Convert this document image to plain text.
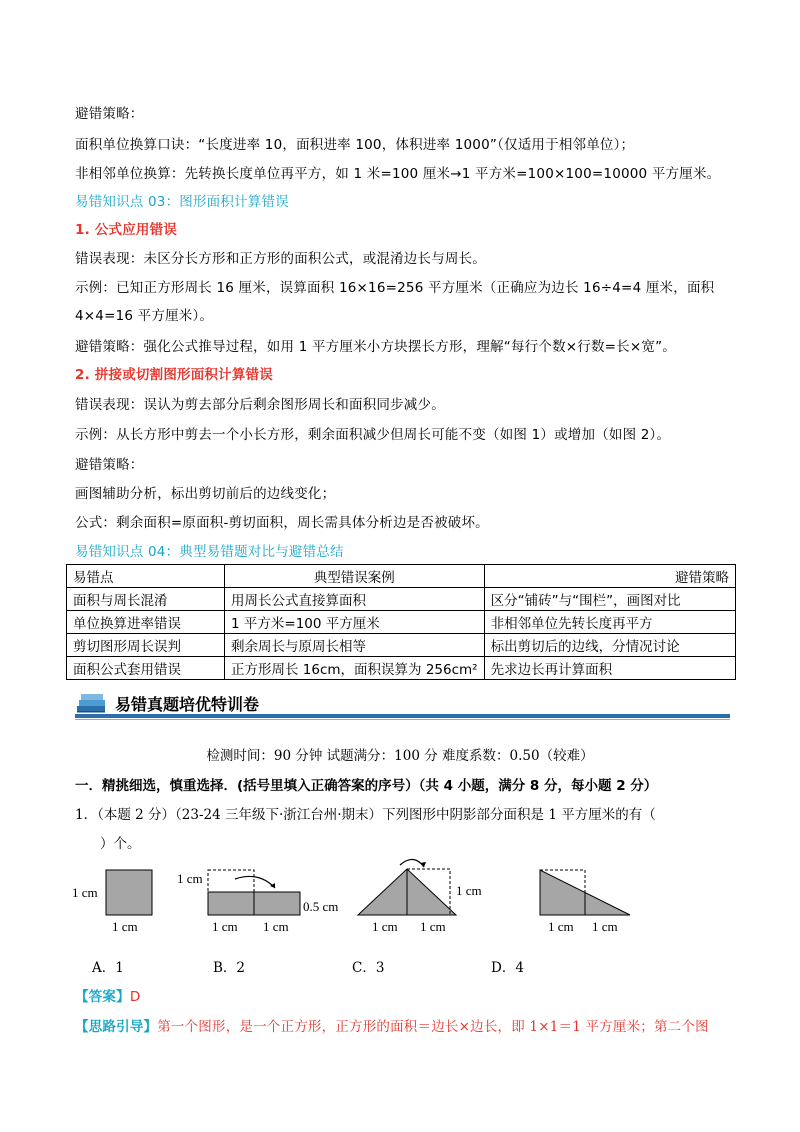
避错策略：
面积单位换算口诀：“长度进率 10，面积进率 100，体积进率 1000”（仅适用于相邻单位）；
非相邻单位换算：先转换长度单位再平方，如 1 米=100 厘米→1 平方米=100×100=10000 平方厘米。
易错知识点 03：图形面积计算错误
1. 公式应用错误
错误表现：未区分长方形和正方形的面积公式，或混淆边长与周长。
示例：已知正方形周长 16 厘米，误算面积 16×16=256 平方厘米（正确应为边长 16÷4=4 厘米，面积
4×4=16 平方厘米）。
避错策略：强化公式推导过程，如用 1 平方厘米小方块摆长方形，理解“每行个数×行数=长×宽”。
2. 拼接或切割图形面积计算错误
错误表现：误认为剪去部分后剩余图形周长和面积同步减少。
示例：从长方形中剪去一个小长方形，剩余面积减少但周长可能不变（如图 1）或增加（如图 2）。
避错策略：
画图辅助分析，标出剪切前后的边线变化；
公式：剩余面积=原面积-剪切面积，周长需具体分析边是否被破坏。
易错知识点 04：典型易错题对比与避错总结
易错点	典型错误案例	避错策略
面积与周长混淆	用周长公式直接算面积	区分“铺砖”与“围栏”，画图对比
单位换算进率错误	1 平方米=100 平方厘米	非相邻单位先转长度再平方
剪切图形周长误判	剩余周长与原周长相等	标出剪切后的边线，分情况讨论
面积公式套用错误	正方形周长 16cm，面积误算为 256cm²	先求边长再计算面积
易错真题培优特训卷
检测时间：90 分钟 试题满分：100 分 难度系数：0.50（较难）
一．精挑细选，慎重选择．(括号里填入正确答案的序号）（共 4 小题，满分 8 分，每小题 2 分）
1．（本题 2 分）（23-24 三年级下·浙江台州·期末）下列图形中阴影部分面积是 1 平方厘米的有（
）个。
1 cm
1 cm
1 cm
0.5 cm
1 cm 1 cm
1 cm
1 cm 1 cm	1 cm 1 cm
A．1	B．2	C．3	D．4
【答案】D
【思路引导】第一个图形，是一个正方形，正方形的面积＝边长×边长，即 1×1＝1 平方厘米；第二个图
